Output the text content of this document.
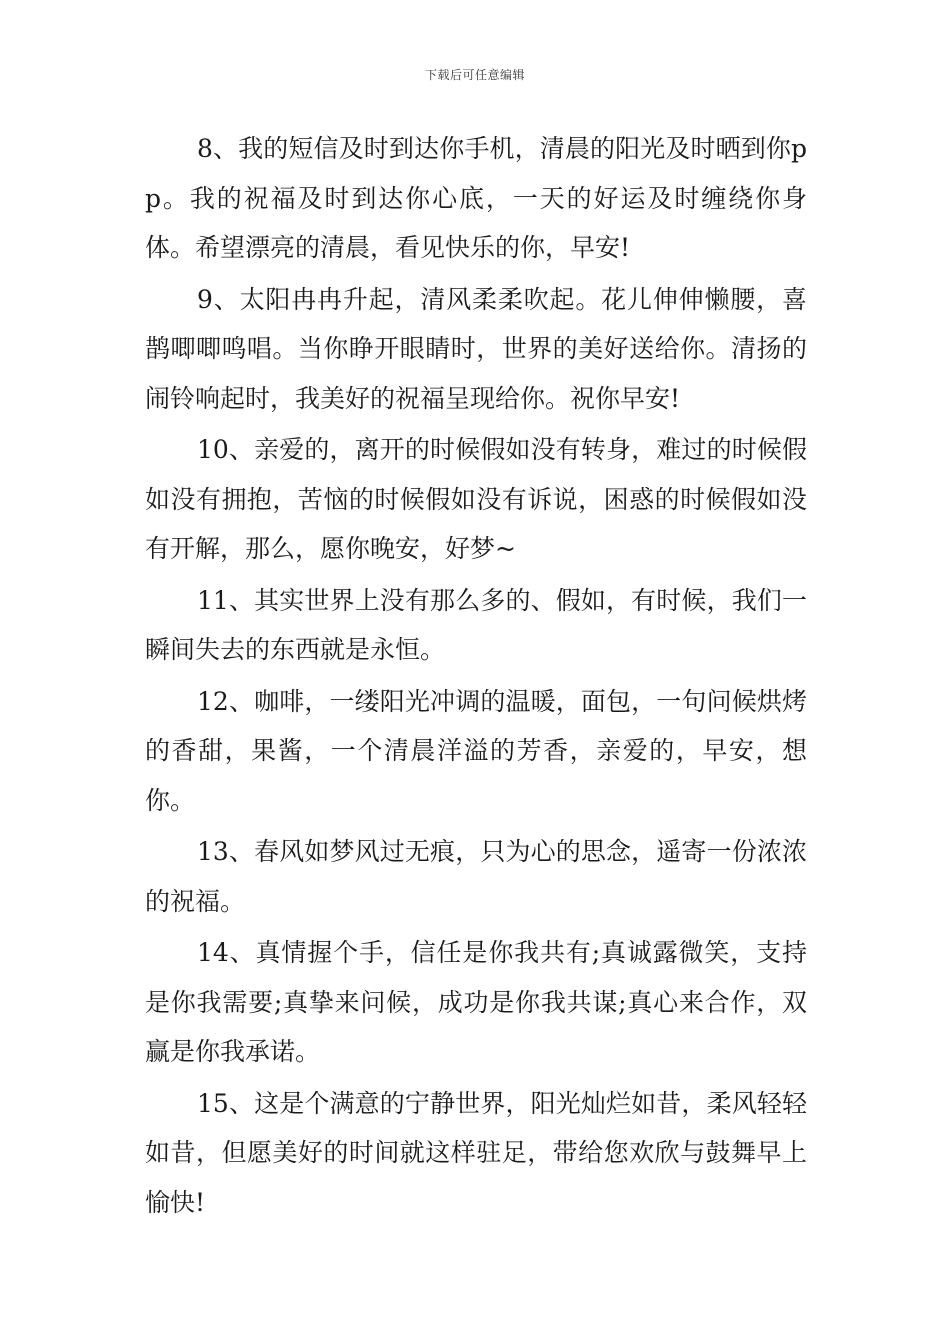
下载后可任意编辑

8、我的短信及时到达你手机，清晨的阳光及时晒到你pp。我的祝福及时到达你心底，一天的好运及时缠绕你身体。希望漂亮的清晨，看见快乐的你，早安!

9、太阳冉冉升起，清风柔柔吹起。花儿伸伸懒腰，喜鹊唧唧鸣唱。当你睁开眼睛时，世界的美好送给你。清扬的闹铃响起时，我美好的祝福呈现给你。祝你早安!

10、亲爱的，离开的时候假如没有转身，难过的时候假如没有拥抱，苦恼的时候假如没有诉说，困惑的时候假如没有开解，那么，愿你晚安，好梦~

11、其实世界上没有那么多的、假如，有时候，我们一瞬间失去的东西就是永恒。

12、咖啡，一缕阳光冲调的温暖，面包，一句问候烘烤的香甜，果酱，一个清晨洋溢的芳香，亲爱的，早安，想你。

13、春风如梦风过无痕，只为心的思念，遥寄一份浓浓的祝福。

14、真情握个手，信任是你我共有;真诚露微笑，支持是你我需要;真挚来问候，成功是你我共谋;真心来合作，双赢是你我承诺。

15、这是个满意的宁静世界，阳光灿烂如昔，柔风轻轻如昔，但愿美好的时间就这样驻足，带给您欢欣与鼓舞早上愉快!
